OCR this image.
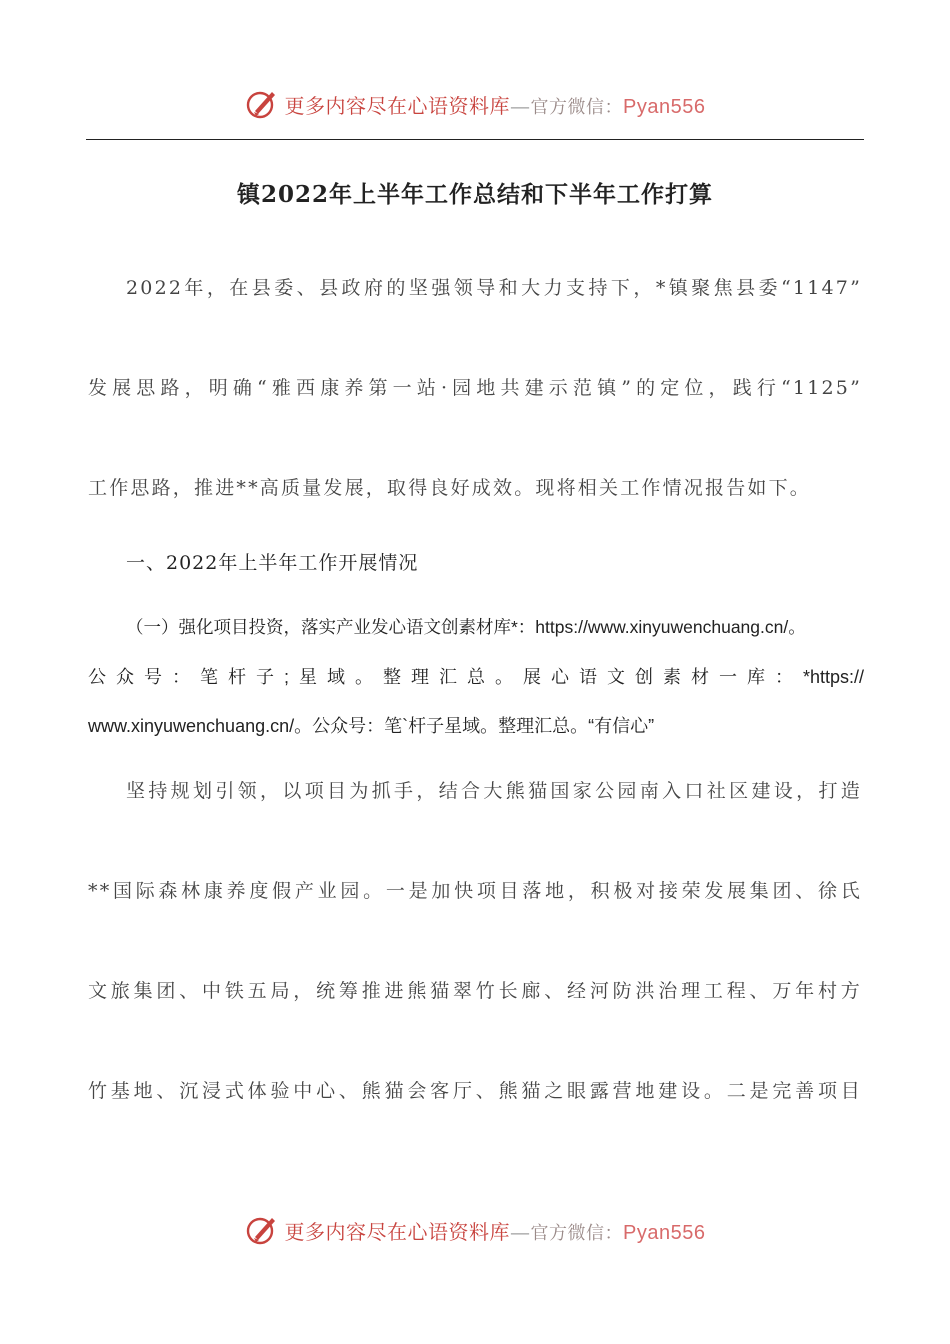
更多内容尽在心语资料库—官方微信：Pyan556
镇2022年上半年工作总结和下半年工作打算
2022年，在县委、县政府的坚强领导和大力支持下，*镇聚焦县委“1147”
发展思路，明确“雅西康养第一站·园地共建示范镇”的定位，践行“1125”
工作思路，推进**高质量发展，取得良好成效。现将相关工作情况报告如下。
一、2022年上半年工作开展情况
（一）强化项目投资，落实产业发心语文创素材库*：https://www.xinyuwenchuang.cn/。
公众号：笔杆子;星域。整理汇总。展心语文创素材一库：*https://
www.xinyuwenchuang.cn/。公众号：笔`杆子星域。整理汇总。“有信心”
坚持规划引领，以项目为抓手，结合大熊猫国家公园南入口社区建设，打造
**国际森林康养度假产业园。一是加快项目落地，积极对接荣发展集团、徐氏
文旅集团、中铁五局，统筹推进熊猫翠竹长廊、经河防洪治理工程、万年村方
竹基地、沉浸式体验中心、熊猫会客厅、熊猫之眼露营地建设。二是完善项目
更多内容尽在心语资料库—官方微信：Pyan556
